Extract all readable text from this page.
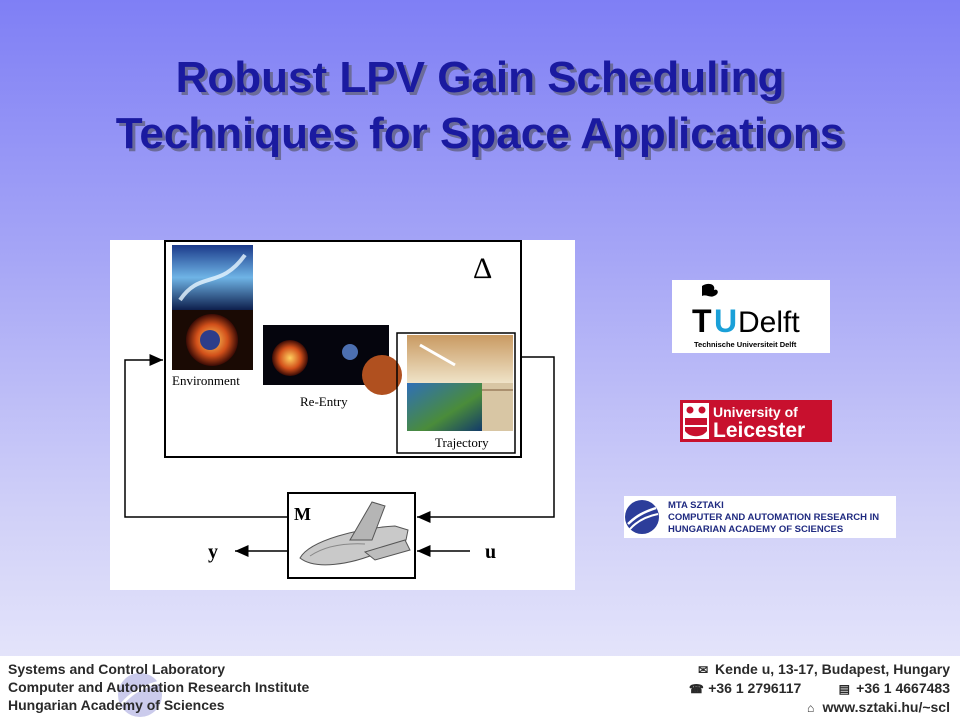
Robust LPV Gain Scheduling
Techniques for Space Applications
Δ
Environment
Re-Entry
Trajectory
M
y	u
T U Delft
Technische Universiteit Delft
University of
Leicester
MTA SZTAKI
COMPUTER AND AUTOMATION RESEARCH IN
HUNGARIAN ACADEMY OF SCIENCES
Systems and Control Laboratory
Computer and Automation Research Institute
Hungarian Academy of Sciences
✉ Kende u, 13-17, Budapest, Hungary
☎ +36 1 2796117	▤ +36 1 4667483
⌂ www.sztaki.hu/~scl
